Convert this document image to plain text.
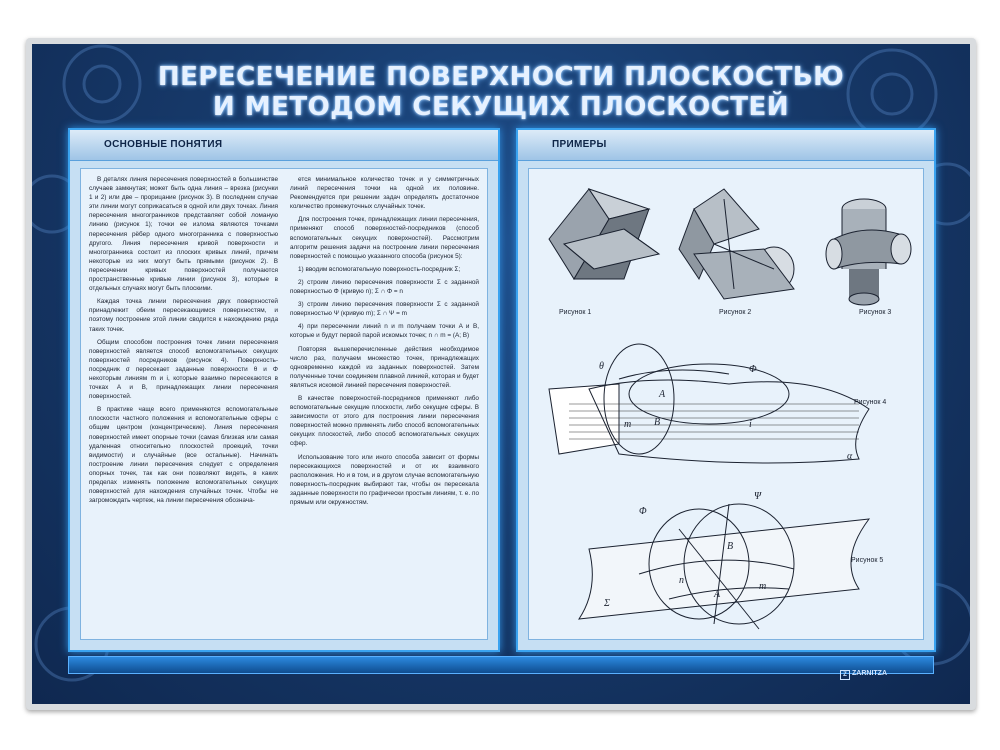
ПЕРЕСЕЧЕНИЕ ПОВЕРХНОСТИ ПЛОСКОСТЬЮ
И МЕТОДОМ СЕКУЩИХ ПЛОСКОСТЕЙ
ОСНОВНЫЕ ПОНЯТИЯ

В деталях линия пересечения поверхностей в большинстве случаев замкнутая; может быть одна линия – врезка (рисунки 1 и 2) или две – прорицание (рисунок 3). В последнем случае эти линии могут соприкасаться в одной или двух точках. Линия пересечения многогранников представляет собой ломаную линию (рисунок 1); точки ее излома являются точками пересечения рёбер одного многогранника с поверхностью другого. Линия пересечения кривой поверхности и многогранника состоит из плоских кривых линий, причем некоторые из них могут быть прямыми (рисунок 2). В пересечении кривых поверхностей получаются пространственные кривые линии (рисунок 3), которые в отдельных случаях могут быть плоскими.

Каждая точка линии пересечения двух поверхностей принадлежит обеим пересекающимся поверхностям, и поэтому построение этой линии сводится к нахождению ряда таких точек.

Общим способом построения точек линии пересечения поверхностей является способ вспомогательных секущих поверхностей посредников (рисунок 4). Поверхность-посредник σ пересекает заданные поверхности θ и Φ некоторым линиям m и i, которые взаимно пересекаются в точках A и B, принадлежащих линии пересечения поверхностей.

В практике чаще всего применяются вспомогательные плоскости частного положения и вспомогательные сферы с общим центром (концентрические). Линия пересечения поверхностей имеет опорные точки (самая близкая или самая удаленная относительно плоскостей проекций, точки видимости) и случайные (все остальные). Начинать построение линии пересечения следует с определения опорных точек, так как они позволяют видеть, в каких пределах изменять положение вспомогательных секущих поверхностей для нахождения случайных точек. Чтобы не загромождать чертеж, на линии пересечения обознача-

ется минимальное количество точек и у симметричных линий пересечения точки на одной их половине. Рекомендуется при решении задач определять достаточное количество промежуточных случайных точек.

Для построения точек, принадлежащих линии пересечения, применяют способ поверхностей-посредников (способ вспомогательных секущих поверхностей). Рассмотрим алгоритм решения задачи на построение линии пересечения поверхностей с помощью указанного способа (рисунок 5):

1) вводим вспомогательную поверхность-посредник Σ;

2) строим линию пересечения поверхности Σ с заданной поверхностью Φ (кривую n); Σ ∩ Φ = n

3) строим линию пересечения поверхности Σ с заданной поверхностью Ψ (кривую m); Σ ∩ Ψ = m

4) при пересечении линий n и m получаем точки A и B, которые и будут первой парой искомых точек; n ∩ m = (A; B)

Повторяя вышеперечисленные действия необходимое число раз, получаем множество точек, принадлежащих одновременно каждой из заданных поверхностей. Затем полученные точки соединяем плавной линией, которая и будет являться искомой линией пересечения поверхностей.

В качестве поверхностей-посредников применяют либо вспомогательные секущие плоскости, либо секущие сферы. В зависимости от этого для построения линии пересечения поверхностей можно применять либо способ вспомогательных секущих плоскостей, либо способ вспомогательных секущих сфер.

Использование того или иного способа зависит от формы пересекающихся поверхностей и от их взаимного расположения. Но и в том, и в другом случае вспомогательную поверхность-посредник выбирают так, чтобы он пересекала заданные поверхности по графически простым линиям, т. е. по прямым или окружностям.

ПРИМЕРЫ
θ	Φ
A
B
m	i
α
Φ
Ψ
B
A
n
m
Σ
Рисунок 1	Рисунок 2	Рисунок 3
Рисунок 4
Рисунок 5
Z ZARNITZA
